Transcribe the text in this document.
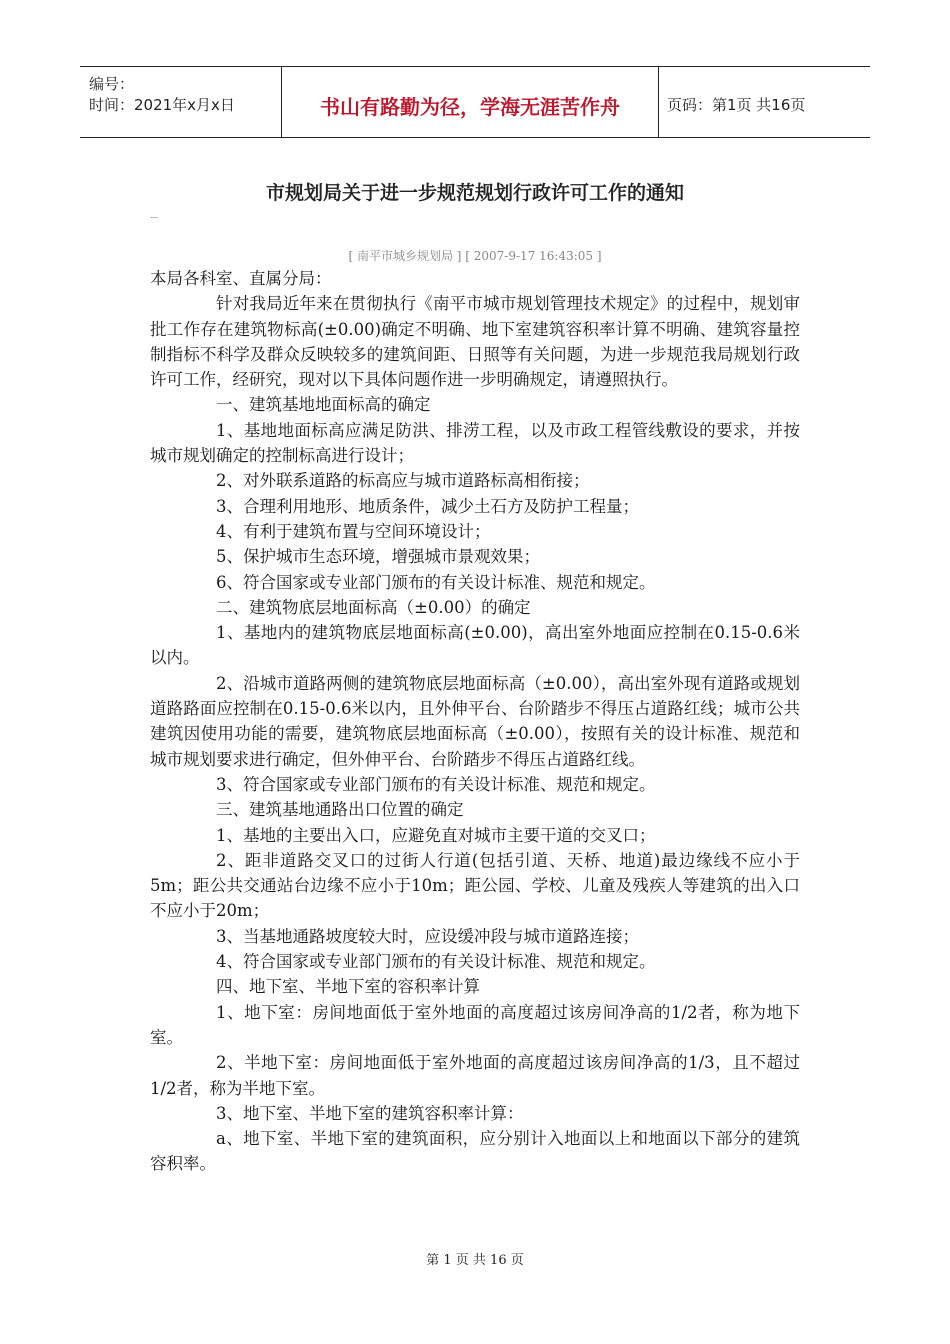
编号：
时间：2021年x月x日	书山有路勤为径，学海无涯苦作舟	页码：第1页 共16页
市规划局关于进一步规范规划行政许可工作的通知
[ 南平市城乡规划局 ] [ 2007-9-17 16:43:05 ]

本局各科室、直属分局：

针对我局近年来在贯彻执行《南平市城市规划管理技术规定》的过程中，规划审批工作存在建筑物标高(±0.00)确定不明确、地下室建筑容积率计算不明确、建筑容量控制指标不科学及群众反映较多的建筑间距、日照等有关问题，为进一步规范我局规划行政许可工作，经研究，现对以下具体问题作进一步明确规定，请遵照执行。

一、建筑基地地面标高的确定

1、基地地面标高应满足防洪、排涝工程，以及市政工程管线敷设的要求，并按城市规划确定的控制标高进行设计；

2、对外联系道路的标高应与城市道路标高相衔接；

3、合理利用地形、地质条件，减少土石方及防护工程量；

4、有利于建筑布置与空间环境设计；

5、保护城市生态环境，增强城市景观效果；

6、符合国家或专业部门颁布的有关设计标准、规范和规定。

二、建筑物底层地面标高（±0.00）的确定

1、基地内的建筑物底层地面标高(±0.00)，高出室外地面应控制在0.15-0.6米以内。

2、沿城市道路两侧的建筑物底层地面标高（±0.00），高出室外现有道路或规划道路路面应控制在0.15-0.6米以内，且外伸平台、台阶踏步不得压占道路红线；城市公共建筑因使用功能的需要，建筑物底层地面标高（±0.00），按照有关的设计标准、规范和城市规划要求进行确定，但外伸平台、台阶踏步不得压占道路红线。

3、符合国家或专业部门颁布的有关设计标准、规范和规定。

三、建筑基地通路出口位置的确定

1、基地的主要出入口，应避免直对城市主要干道的交叉口；

2、距非道路交叉口的过街人行道(包括引道、天桥、地道)最边缘线不应小于5m；距公共交通站台边缘不应小于10m；距公园、学校、儿童及残疾人等建筑的出入口不应小于20m；

3、当基地通路坡度较大时，应设缓冲段与城市道路连接；

4、符合国家或专业部门颁布的有关设计标准、规范和规定。

四、地下室、半地下室的容积率计算

1、地下室：房间地面低于室外地面的高度超过该房间净高的1/2者，称为地下室。

2、半地下室：房间地面低于室外地面的高度超过该房间净高的1/3，且不超过1/2者，称为半地下室。

3、地下室、半地下室的建筑容积率计算：

a、地下室、半地下室的建筑面积，应分别计入地面以上和地面以下部分的建筑容积率。

第 1 页 共 16 页
